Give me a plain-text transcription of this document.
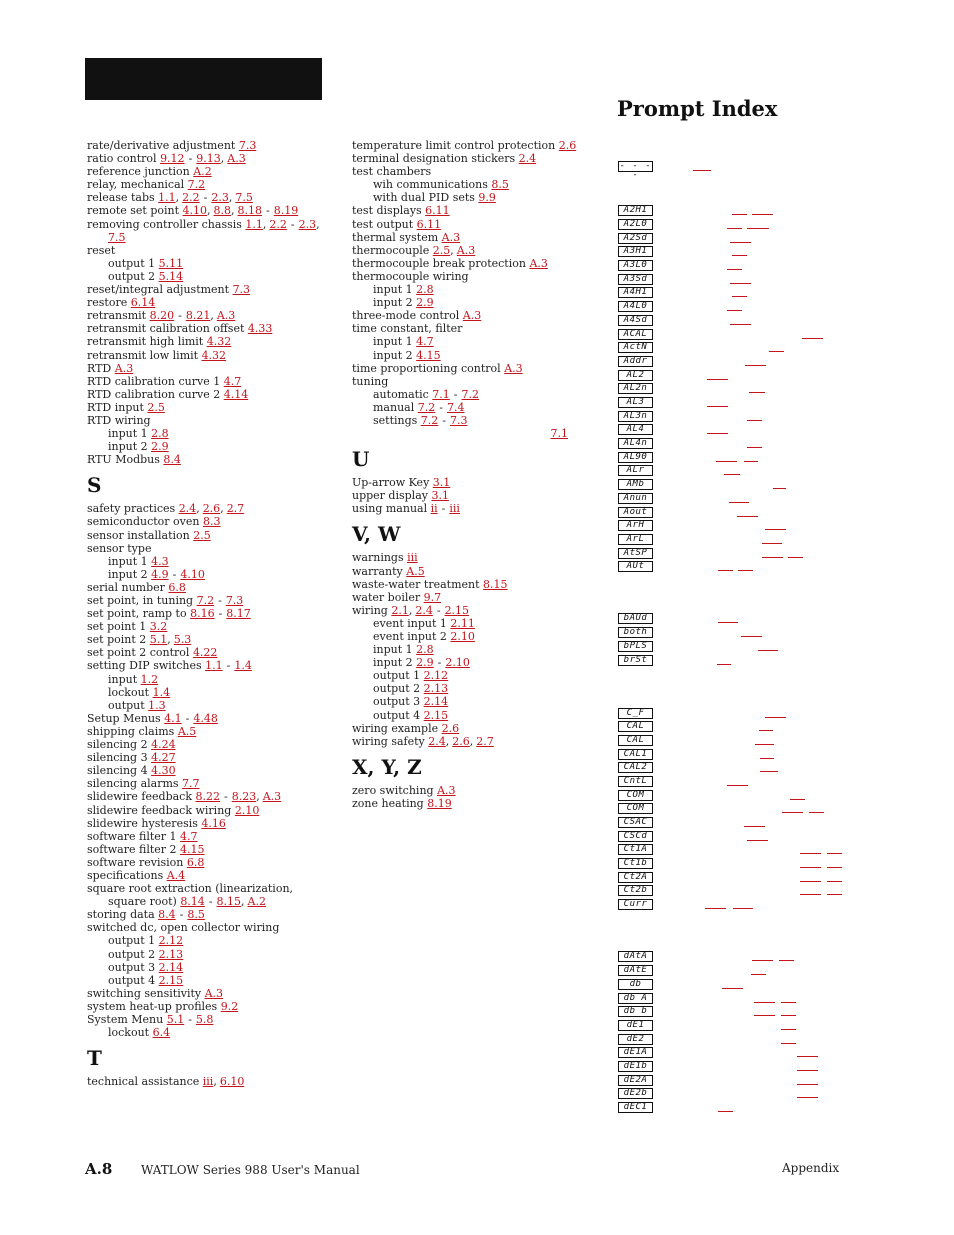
Prompt Index
rate/derivative adjustment 7.3
ratio control 9.12 - 9.13, A.3
reference junction A.2
relay, mechanical 7.2
release tabs 1.1, 2.2 - 2.3, 7.5
remote set point 4.10, 8.8, 8.18 - 8.19
removing controller chassis 1.1, 2.2 - 2.3,
7.5
reset
output 1 5.11
output 2 5.14
reset/integral adjustment 7.3
restore 6.14
retransmit 8.20 - 8.21, A.3
retransmit calibration offset 4.33
retransmit high limit 4.32
retransmit low limit 4.32
RTD A.3
RTD calibration curve 1 4.7
RTD calibration curve 2 4.14
RTD input 2.5
RTD wiring
input 1 2.8
input 2 2.9
RTU Modbus 8.4
S
safety practices 2.4, 2.6, 2.7
semiconductor oven 8.3
sensor installation 2.5
sensor type
input 1 4.3
input 2 4.9 - 4.10
serial number 6.8
set point, in tuning 7.2 - 7.3
set point, ramp to 8.16 - 8.17
set point 1 3.2
set point 2 5.1, 5.3
set point 2 control 4.22
setting DIP switches 1.1 - 1.4
input 1.2
lockout 1.4
output 1.3
Setup Menus 4.1 - 4.48
shipping claims A.5
silencing 2 4.24
silencing 3 4.27
silencing 4 4.30
silencing alarms 7.7
slidewire feedback 8.22 - 8.23, A.3
slidewire feedback wiring 2.10
slidewire hysteresis 4.16
software filter 1 4.7
software filter 2 4.15
software revision 6.8
specifications A.4
square root extraction (linearization,
square root) 8.14 - 8.15, A.2
storing data 8.4 - 8.5
switched dc, open collector wiring
output 1 2.12
output 2 2.13
output 3 2.14
output 4 2.15
switching sensitivity A.3
system heat-up profiles 9.2
System Menu 5.1 - 5.8
lockout 6.4
T
technical assistance iii, 6.10
temperature limit control protection 2.6
terminal designation stickers 2.4
test chambers
wih communications 8.5
with dual PID sets 9.9
test displays 6.11
test output 6.11
thermal system A.3
thermocouple 2.5, A.3
thermocouple break protection A.3
thermocouple wiring
input 1 2.8
input 2 2.9
three-mode control A.3
time constant, filter
input 1 4.7
input 2 4.15
time proportioning control A.3
tuning
automatic 7.1 - 7.2
manual 7.2 - 7.4
settings 7.2 - 7.3
7.1
U
Up-arrow Key 3.1
upper display 3.1
using manual ii - iii
V, W
warnings iii
warranty A.5
waste-water treatment 8.15
water boiler 9.7
wiring 2.1, 2.4 - 2.15
event input 1 2.11
event input 2 2.10
input 1 2.8
input 2 2.9 - 2.10
output 1 2.12
output 2 2.13
output 3 2.14
output 4 2.15
wiring example 2.6
wiring safety 2.4, 2.6, 2.7
X, Y, Z
zero switching A.3
zone heating 8.19
- - - -
A2H1
A2L0
A2Sd
A3H1
A3L0
A3Sd
A4H1
A4L0
A4Sd
ACAL
ActN
Addr
AL2
AL2n
AL3
AL3n
AL4
AL4n
AL90
ALr
AMb
Anun
Aout
ArH
ArL
AtSP
AUt
bAUd
both
bPLS
brSt
C_F
CAL
CAL
CAL1
CAL2
CntL
COM
COM
CSAC
CSCd
Ct1A
Ct1b
Ct2A
Ct2b
Curr
dAtA
dAtE
db
db A
db b
dE1
dE2
dE1A
dE1b
dE2A
dE2b
dEC1
A.8 WATLOW Series 988 User's Manual	Appendix
